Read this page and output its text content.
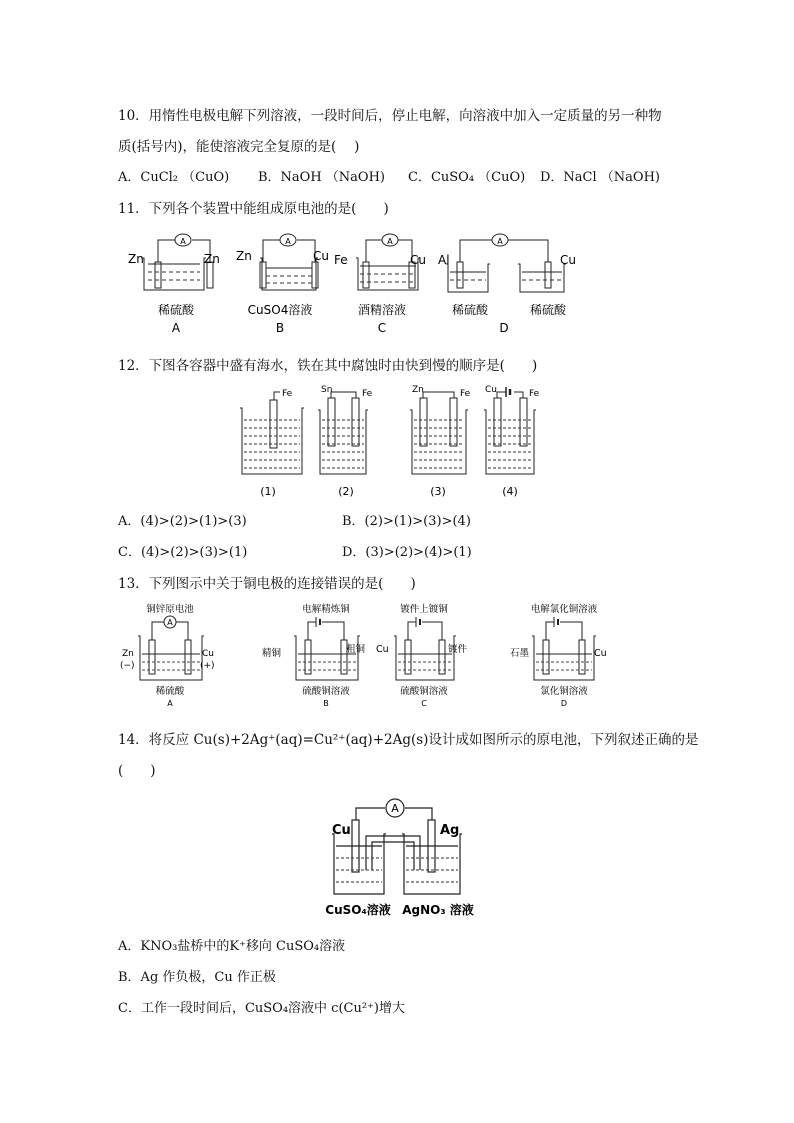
10．用惰性电极电解下列溶液，一段时间后，停止电解，向溶液中加入一定质量的另一种物
质(括号内)，能使溶液完全复原的是(　 )
A．CuCl₂ （CuO) B．NaOH （NaOH) C．CuSO₄ （CuO) D．NaCl （NaOH)
11．下列各个装置中能组成原电池的是(　　)
A	A	A	A
Zn	Zn
稀硫酸
A
Zn	Cu
CuSO4溶液
B
Fe	Cu
酒精溶液
C
Al	Cu
稀硫酸	稀硫酸
D
12．下图各容器中盛有海水，铁在其中腐蚀时由快到慢的顺序是(　　)
Fe
(1)
Sn	Fe
(2)
Zn	Fe
(3)
Cu	Fe
(4)
A．(4)>(2)>(1)>(3)	B．(2)>(1)>(3)>(4)
C．(4)>(2)>(3)>(1)	D．(3)>(2)>(4)>(1)
13．下列图示中关于铜电极的连接错误的是(　　)
A
铜锌原电池
Zn
(−)
Cu
(+)
稀硫酸
A
电解精炼铜
精铜	粗铜
硫酸铜溶液
B
镀件上镀铜
Cu	镀件
硫酸铜溶液
C
电解氯化铜溶液
石墨	Cu
氯化铜溶液
D
14．将反应 Cu(s)+2Ag⁺(aq)=Cu²⁺(aq)+2Ag(s)设计成如图所示的原电池，下列叙述正确的是
(　　)
A
Cu	Ag
CuSO₄溶液 AgNO₃ 溶液
A．KNO₃盐桥中的K⁺移向 CuSO₄溶液
B．Ag 作负极，Cu 作正极
C．工作一段时间后，CuSO₄溶液中 c(Cu²⁺)增大
